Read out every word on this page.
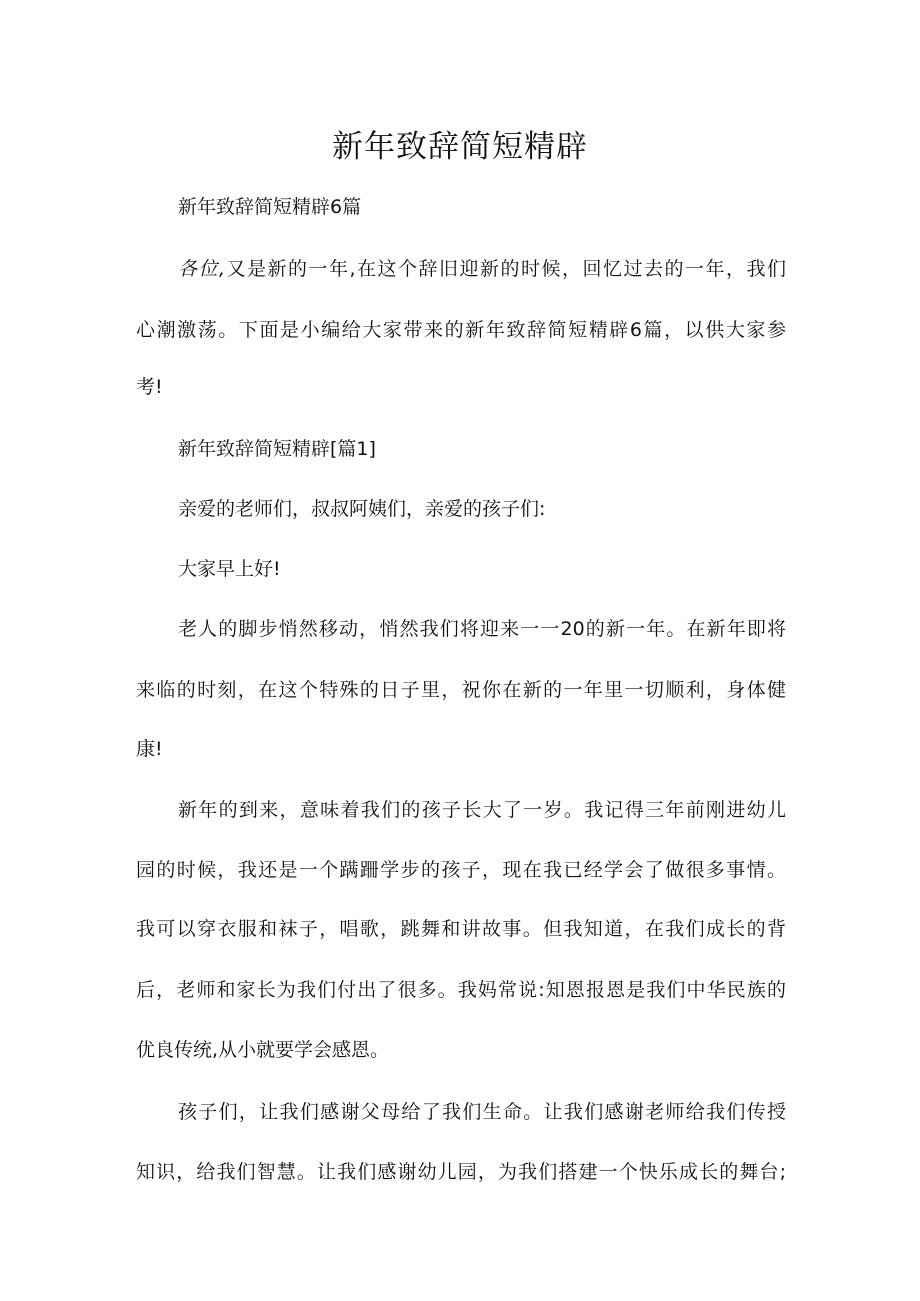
新年致辞简短精辟

新年致辞简短精辟6篇

各位,又是新的一年,在这个辞旧迎新的时候，回忆过去的一年，我们

心潮激荡。下面是小编给大家带来的新年致辞简短精辟6篇，以供大家参

考!

新年致辞简短精辟[篇1]

亲爱的老师们，叔叔阿姨们，亲爱的孩子们:

大家早上好!

老人的脚步悄然移动，悄然我们将迎来一一20的新一年。在新年即将

来临的时刻，在这个特殊的日子里，祝你在新的一年里一切顺利，身体健

康!

新年的到来，意味着我们的孩子长大了一岁。我记得三年前刚进幼儿

园的时候，我还是一个蹒跚学步的孩子，现在我已经学会了做很多事情。

我可以穿衣服和袜子，唱歌，跳舞和讲故事。但我知道，在我们成长的背

后，老师和家长为我们付出了很多。我妈常说:知恩报恩是我们中华民族的

优良传统,从小就要学会感恩。

孩子们，让我们感谢父母给了我们生命。让我们感谢老师给我们传授

知识，给我们智慧。让我们感谢幼儿园，为我们搭建一个快乐成长的舞台;
